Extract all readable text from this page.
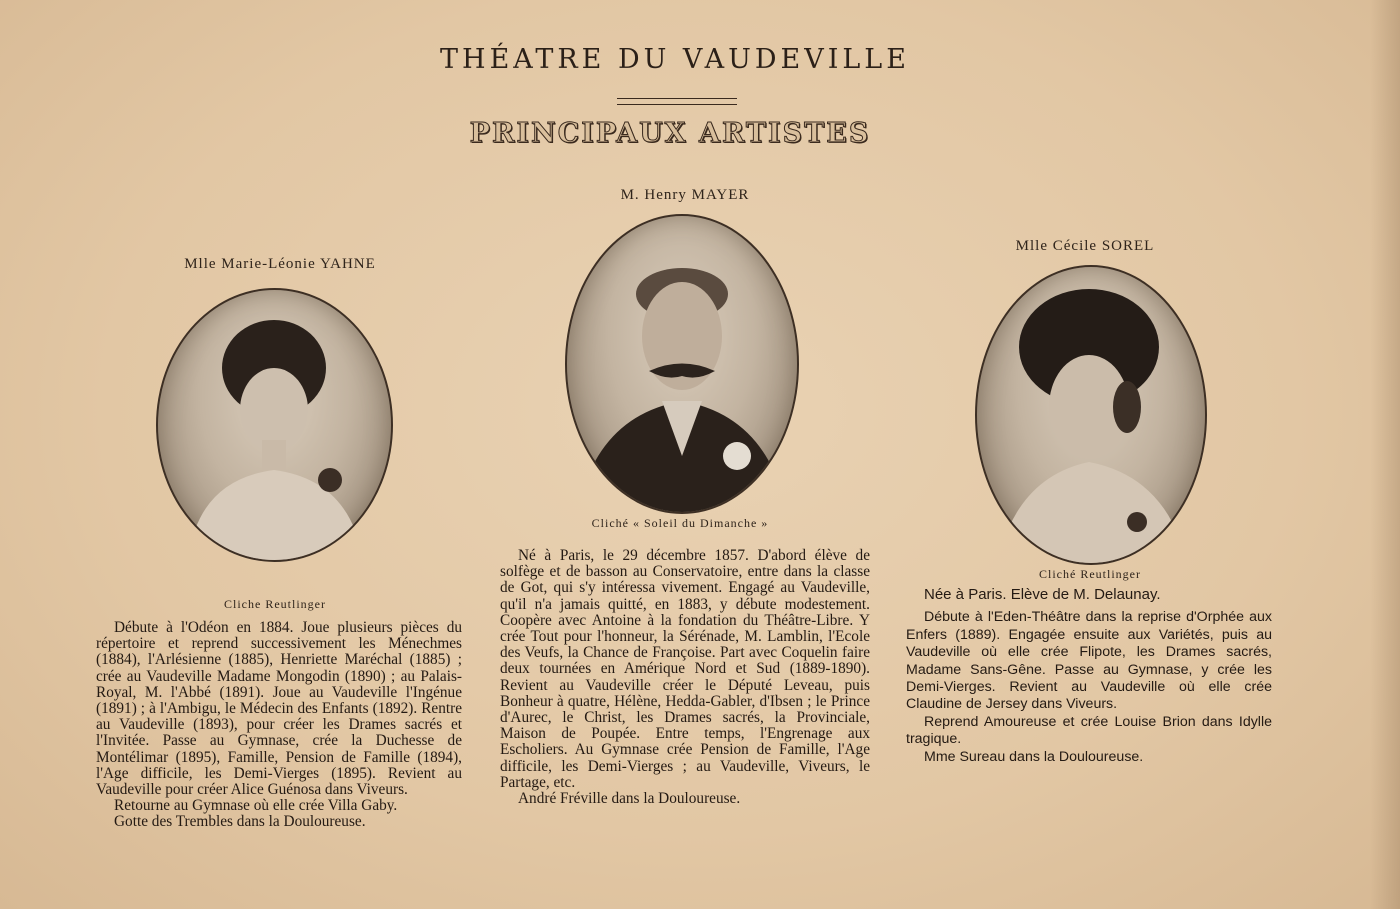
THÉATRE DU VAUDEVILLE
PRINCIPAUX ARTISTES
Mlle Marie-Léonie YAHNE
Cliche Reutlinger

Débute à l'Odéon en 1884. Joue plusieurs pièces du répertoire et reprend successivement les Ménechmes (1884), l'Arlésienne (1885), Henriette Maréchal (1885) ; crée au Vaudeville Madame Mongodin (1890) ; au Palais-Royal, M. l'Abbé (1891). Joue au Vaudeville l'Ingénue (1891) ; à l'Ambigu, le Médecin des Enfants (1892). Rentre au Vaudeville (1893), pour créer les Drames sacrés et l'Invitée. Passe au Gymnase, crée la Duchesse de Montélimar (1895), Famille, Pension de Famille (1894), l'Age difficile, les Demi-Vierges (1895). Revient au Vaudeville pour créer Alice Guénosa dans Viveurs.

Retourne au Gymnase où elle crée Villa Gaby.

Gotte des Trembles dans la Douloureuse.

M. Henry MAYER
Cliché « Soleil du Dimanche »

Né à Paris, le 29 décembre 1857. D'abord élève de solfège et de basson au Conservatoire, entre dans la classe de Got, qui s'y intéressa vivement. Engagé au Vaudeville, qu'il n'a jamais quitté, en 1883, y débute modestement. Coopère avec Antoine à la fondation du Théâtre-Libre. Y crée Tout pour l'honneur, la Sérénade, M. Lamblin, l'Ecole des Veufs, la Chance de Françoise. Part avec Coquelin faire deux tournées en Amérique Nord et Sud (1889-1890). Revient au Vaudeville créer le Député Leveau, puis Bonheur à quatre, Hélène, Hedda-Gabler, d'Ibsen ; le Prince d'Aurec, le Christ, les Drames sacrés, la Provinciale, Maison de Poupée. Entre temps, l'Engrenage aux Escholiers. Au Gymnase crée Pension de Famille, l'Age difficile, les Demi-Vierges ; au Vaudeville, Viveurs, le Partage, etc.

André Fréville dans la Douloureuse.

Mlle Cécile SOREL
Cliché Reutlinger

Née à Paris. Elève de M. Delaunay.

Débute à l'Eden-Théâtre dans la reprise d'Orphée aux Enfers (1889). Engagée ensuite aux Variétés, puis au Vaudeville où elle crée Flipote, les Drames sacrés, Madame Sans-Gêne. Passe au Gymnase, y crée les Demi-Vierges. Revient au Vaudeville où elle crée Claudine de Jersey dans Viveurs.

Reprend Amoureuse et crée Louise Brion dans Idylle tragique.

Mme Sureau dans la Douloureuse.
